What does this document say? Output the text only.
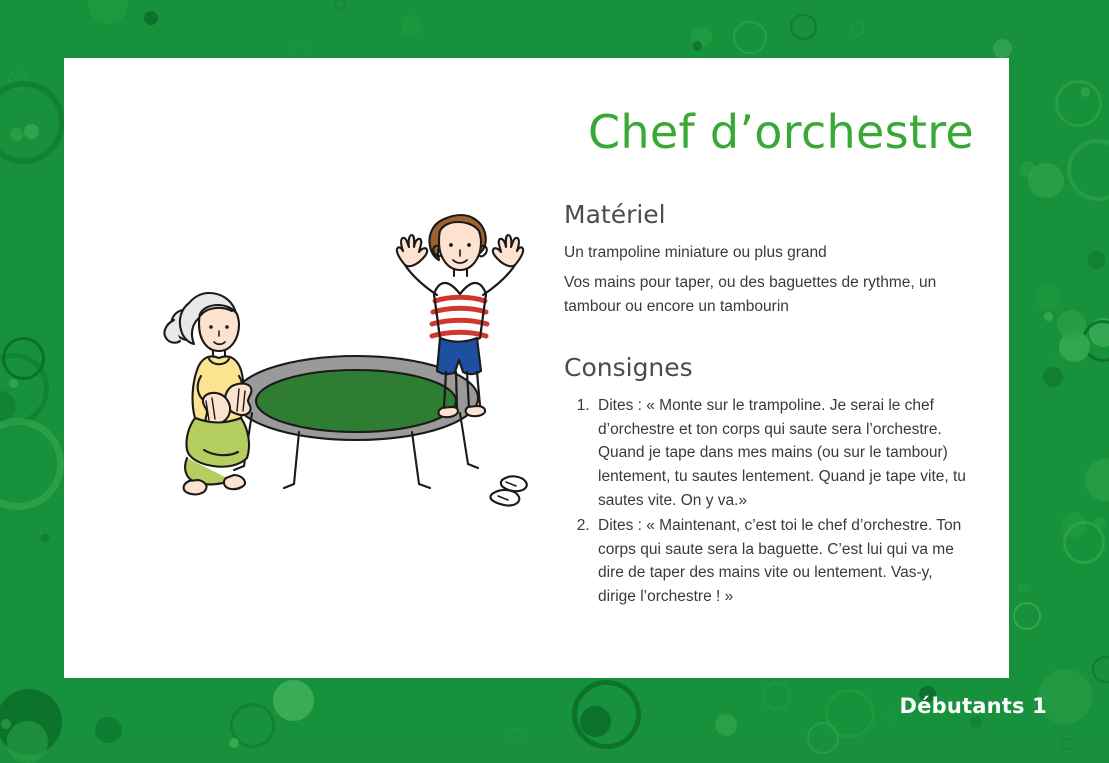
Chef d’orchestre
Matériel

Un trampoline miniature ou plus grand

Vos mains pour taper, ou des baguettes de rythme, un tambour ou encore un tambourin

Consignes
1. Dites : « Monte sur le trampoline. Je serai le chef d’orchestre et ton corps qui saute sera l’orchestre. Quand je tape dans mes mains (ou sur le tambour) lentement, tu sautes lentement. Quand je tape vite, tu sautes vite. On y va.»
2. Dites : « Maintenant, c’est toi le chef d’orchestre. Ton corps qui saute sera la baguette. C’est lui qui va me dire de taper des mains vite ou lentement. Vas-y, dirige l’orchestre ! »
Débutants 1
